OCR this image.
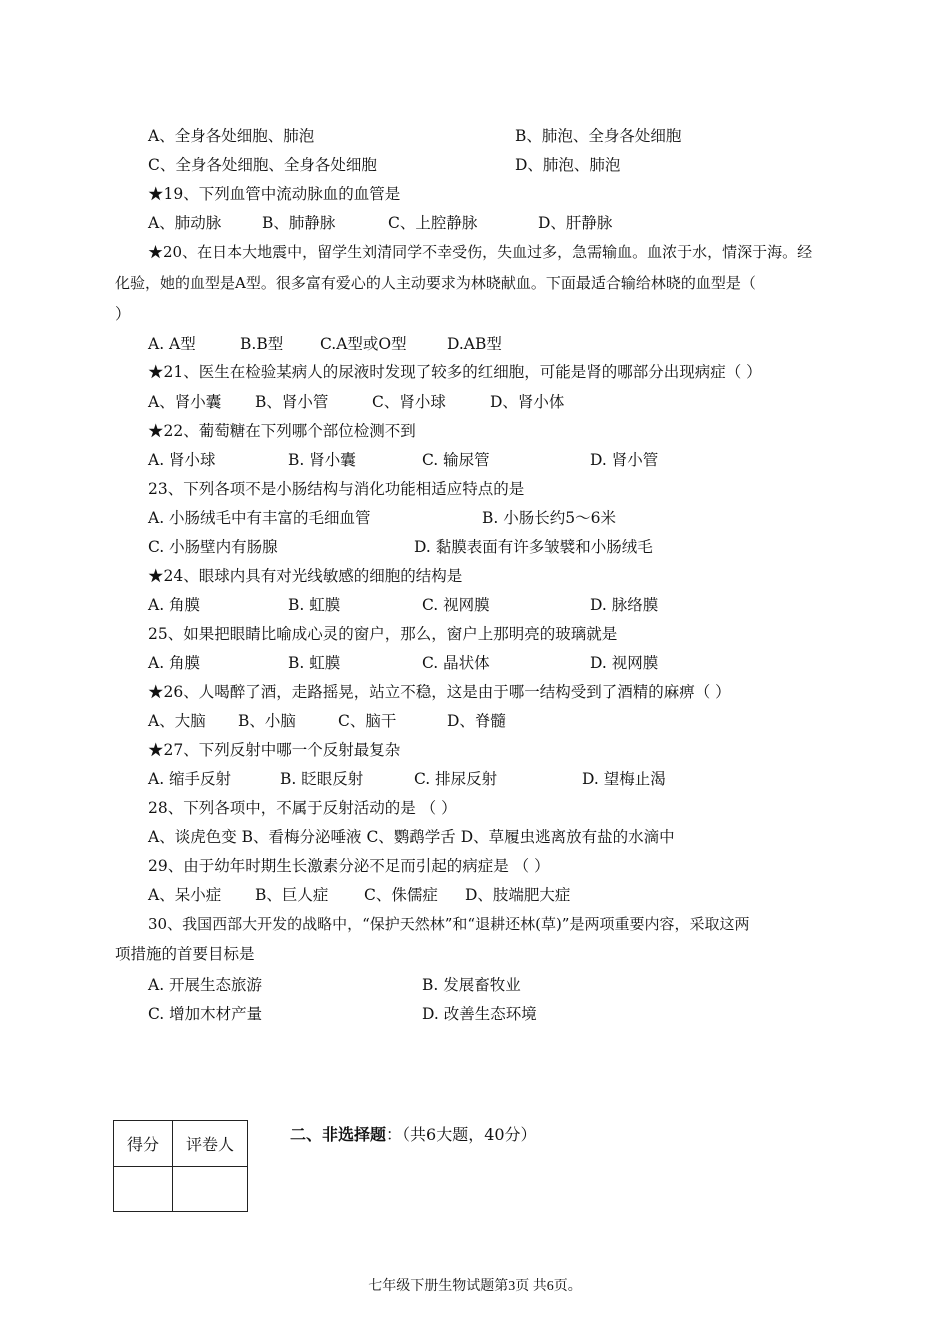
A、全身各处细胞、肺泡	B、肺泡、全身各处细胞
C、全身各处细胞、全身各处细胞	D、肺泡、肺泡
★19、下列血管中流动脉血的血管是
A、肺动脉	B、肺静脉	C、上腔静脉	D、肝静脉
★20、在日本大地震中，留学生刘清同学不幸受伤，失血过多，急需输血。血浓于水，情深于海。经
化验，她的血型是A型。很多富有爱心的人主动要求为林晓献血。下面最适合输给林晓的血型是（
）
A. A型	B.B型 C.A型或O型	D.AB型
★21、医生在检验某病人的尿液时发现了较多的红细胞，可能是肾的哪部分出现病症（ ）
A、肾小囊 B、肾小管	C、肾小球	D、肾小体
★22、葡萄糖在下列哪个部位检测不到
A. 肾小球	B. 肾小囊	C. 输尿管	D. 肾小管
23、下列各项不是小肠结构与消化功能相适应特点的是
A. 小肠绒毛中有丰富的毛细血管	B. 小肠长约5～6米
C. 小肠壁内有肠腺	D. 黏膜表面有许多皱襞和小肠绒毛
★24、眼球内具有对光线敏感的细胞的结构是
A. 角膜	B. 虹膜	C. 视网膜	D. 脉络膜
25、如果把眼睛比喻成心灵的窗户，那么，窗户上那明亮的玻璃就是
A. 角膜	B. 虹膜	C. 晶状体	D. 视网膜
★26、人喝醉了酒，走路摇晃，站立不稳，这是由于哪一结构受到了酒精的麻痹（ ）
A、大脑 B、小脑	C、脑干	D、脊髓
★27、下列反射中哪一个反射最复杂
A. 缩手反射	B. 眨眼反射	C. 排尿反射	D. 望梅止渴
28、下列各项中，不属于反射活动的是 （ ）
A、谈虎色变 B、看梅分泌唾液 C、鹦鹉学舌 D、草履虫逃离放有盐的水滴中
29、由于幼年时期生长激素分泌不足而引起的病症是 （ ）
A、呆小症 B、巨人症 C、侏儒症 D、肢端肥大症
30、我国西部大开发的战略中，“保护天然林”和“退耕还林(草)”是两项重要内容，采取这两
项措施的首要目标是
A. 开展生态旅游	B. 发展畜牧业
C. 增加木材产量	D. 改善生态环境
得分	评卷人

二、非选择题：（共6大题，40分）
七年级下册生物试题第3页 共6页。
